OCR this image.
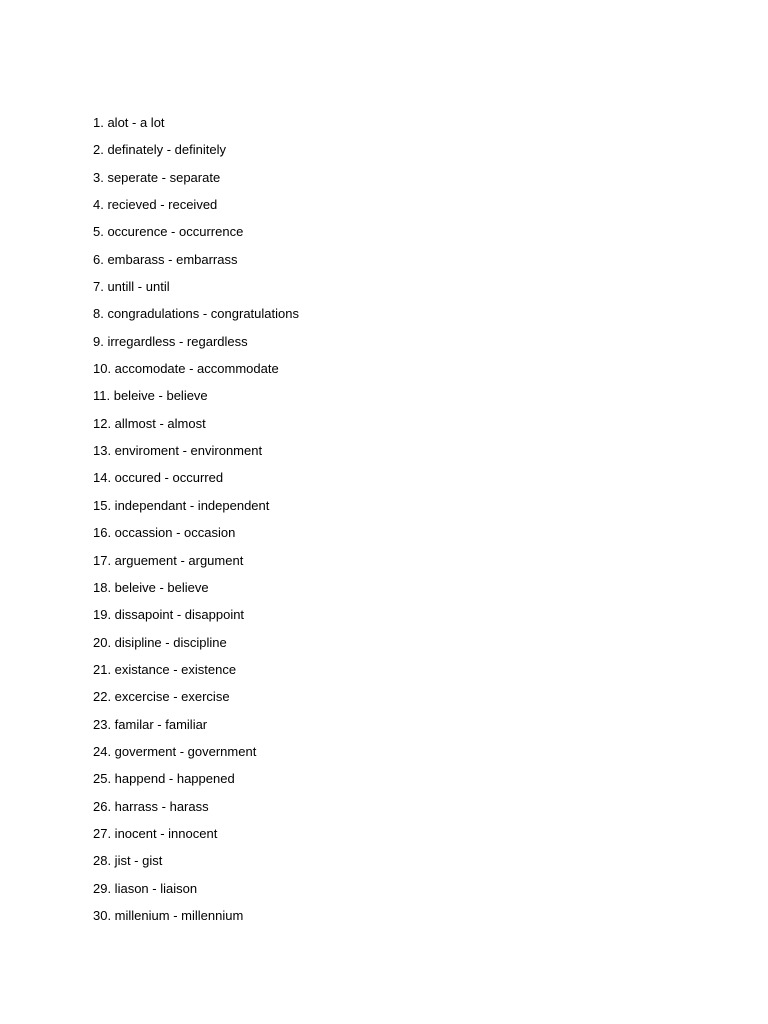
1. alot - a lot
2. definately - definitely
3. seperate - separate
4. recieved - received
5. occurence - occurrence
6. embarass - embarrass
7. untill - until
8. congradulations - congratulations
9. irregardless - regardless
10. accomodate - accommodate
11. beleive - believe
12. allmost - almost
13. enviroment - environment
14. occured - occurred
15. independant - independent
16. occassion - occasion
17. arguement - argument
18. beleive - believe
19. dissapoint - disappoint
20. disipline - discipline
21. existance - existence
22. excercise - exercise
23. familar - familiar
24. goverment - government
25. happend - happened
26. harrass - harass
27. inocent - innocent
28. jist - gist
29. liason - liaison
30. millenium - millennium
